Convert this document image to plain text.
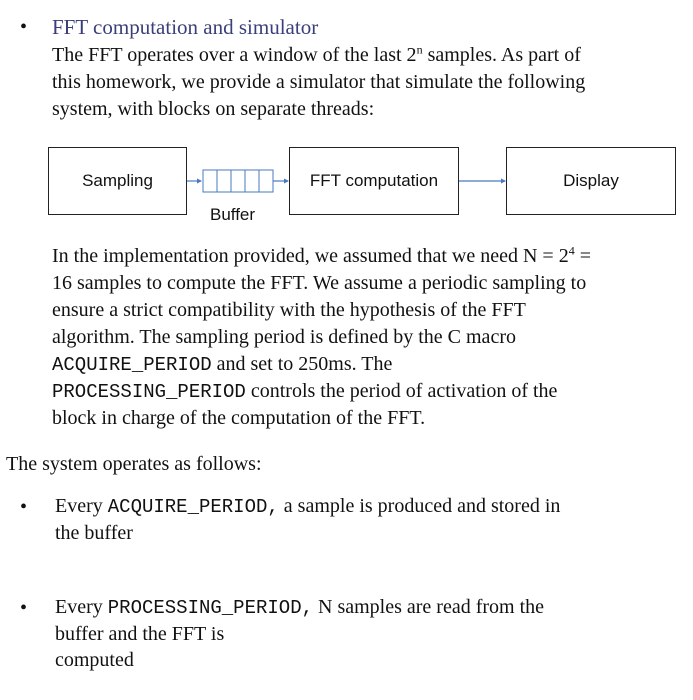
• FFT computation and simulator
The FFT operates over a window of the last 2$^n$ samples. As part of
this homework, we provide a simulator that simulate the following
system, with blocks on separate threads:
Sampling
Buffer
FFT computation	Display
In the implementation provided, we assumed that we need $N = 2^4$ =
16 samples to compute the FFT. We assume a periodic sampling to
ensure a strict compatibility with the hypothesis of the FFT
algorithm. The sampling period is defined by the C macro
ACQUIRE_PERIOD and set to 250ms. The
PROCESSING_PERIOD controls the period of activation of the
block in charge of the computation of the FFT.
The system operates as follows:
• Every ACQUIRE_PERIOD, a sample is produced and stored in
the buffer
• Every PROCESSING_PERIOD, N samples are read from the
buffer and the FFT is
computed
